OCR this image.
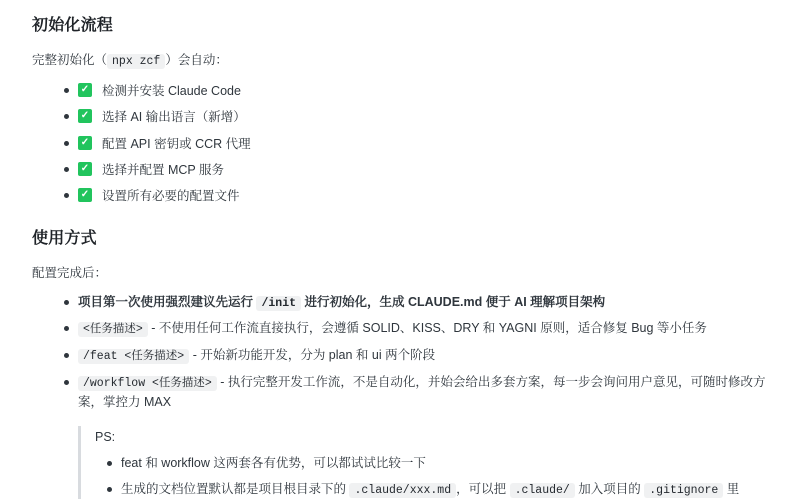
初始化流程

完整初始化（ npx zcf ）会自动：

✓ 检测并安装 Claude Code
✓ 选择 AI 输出语言（新增）
✓ 配置 API 密钥或 CCR 代理
✓ 选择并配置 MCP 服务
✓ 设置所有必要的配置文件
使用方式

配置完成后：

项目第一次使用强烈建议先运行 /init 进行初始化，生成 CLAUDE.md 便于 AI 理解项目架构
<任务描述> - 不使用任何工作流直接执行，会遵循 SOLID、KISS、DRY 和 YAGNI 原则，适合修复 Bug 等小任务
/feat <任务描述> - 开始新功能开发，分为 plan 和 ui 两个阶段
/workflow <任务描述> - 执行完整开发工作流，不是自动化，并始会给出多套方案，每一步会询问用户意见，可随时修改方案，掌控力 MAX

PS:

feat 和 workflow 这两套各有优势，可以都试试比较一下
生成的文档位置默认都是项目根目录下的 .claude/xxx.md ，可以把 .claude/ 加入项目的 .gitignore 里
